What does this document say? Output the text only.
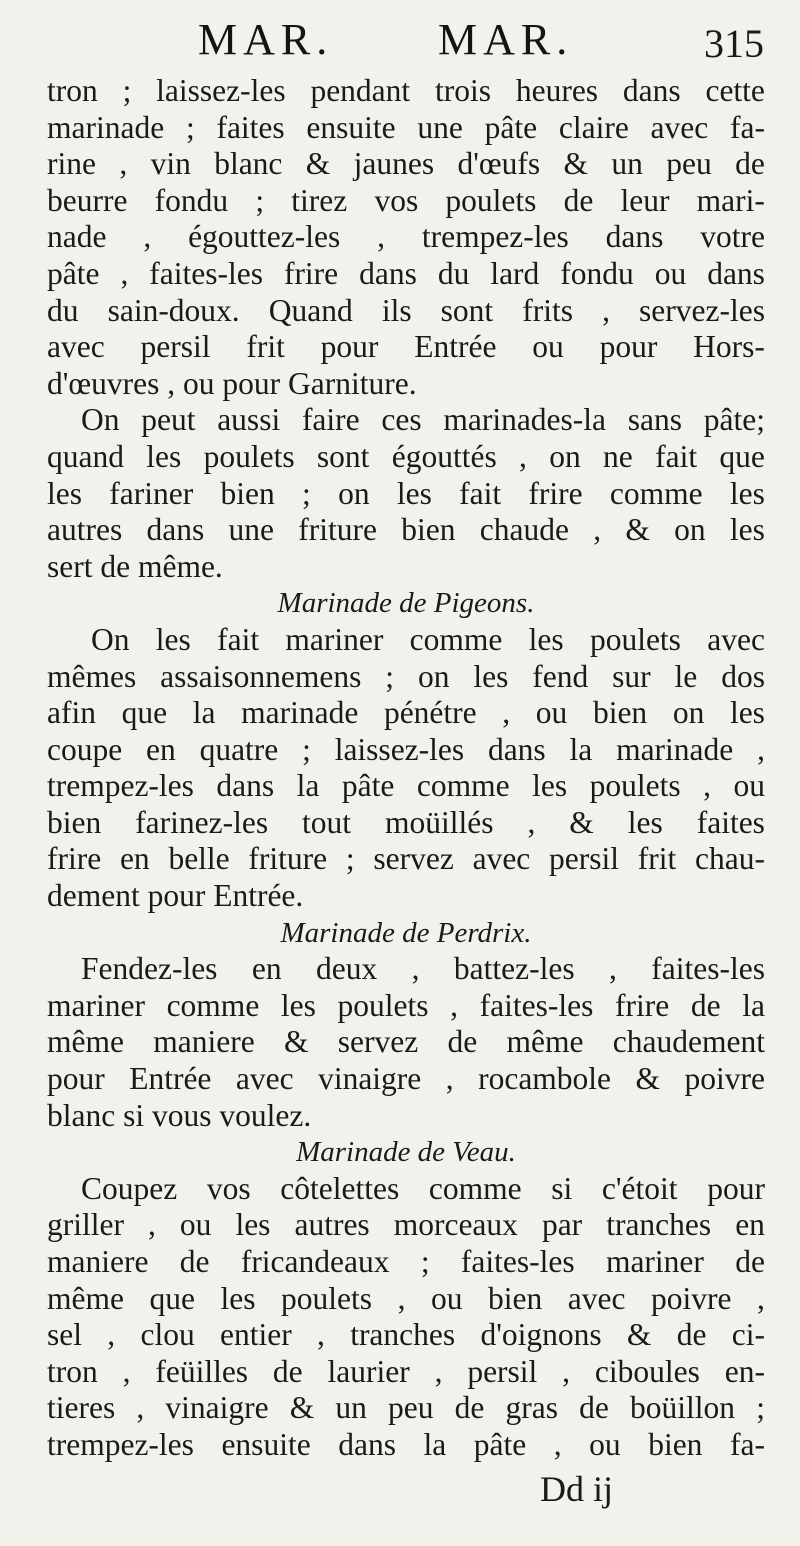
MAR. MAR.	315
tron ; laissez-les pendant trois heures dans cette
marinade ; faites ensuite une pâte claire avec fa-
rine , vin blanc & jaunes d'œufs & un peu de
beurre fondu ; tirez vos poulets de leur mari-
nade , égouttez-les , trempez-les dans votre
pâte , faites-les frire dans du lard fondu ou dans
du sain-doux. Quand ils sont frits , servez-les
avec persil frit pour Entrée ou pour Hors-
d'œuvres , ou pour Garniture.
On peut aussi faire ces marinades-la sans pâte;
quand les poulets sont égouttés , on ne fait que
les fariner bien ; on les fait frire comme les
autres dans une friture bien chaude , & on les
sert de même.
Marinade de Pigeons.
On les fait mariner comme les poulets avec
mêmes assaisonnemens ; on les fend sur le dos
afin que la marinade pénétre , ou bien on les
coupe en quatre ; laissez-les dans la marinade ,
trempez-les dans la pâte comme les poulets , ou
bien farinez-les tout moüillés , & les faites
frire en belle friture ; servez avec persil frit chau-
dement pour Entrée.
Marinade de Perdrix.
Fendez-les en deux , battez-les , faites-les
mariner comme les poulets , faites-les frire de la
même maniere & servez de même chaudement
pour Entrée avec vinaigre , rocambole & poivre
blanc si vous voulez.
Marinade de Veau.
Coupez vos côtelettes comme si c'étoit pour
griller , ou les autres morceaux par tranches en
maniere de fricandeaux ; faites-les mariner de
même que les poulets , ou bien avec poivre ,
sel , clou entier , tranches d'oignons & de ci-
tron , feüilles de laurier , persil , ciboules en-
tieres , vinaigre & un peu de gras de boüillon ;
trempez-les ensuite dans la pâte , ou bien fa-
Dd ij
